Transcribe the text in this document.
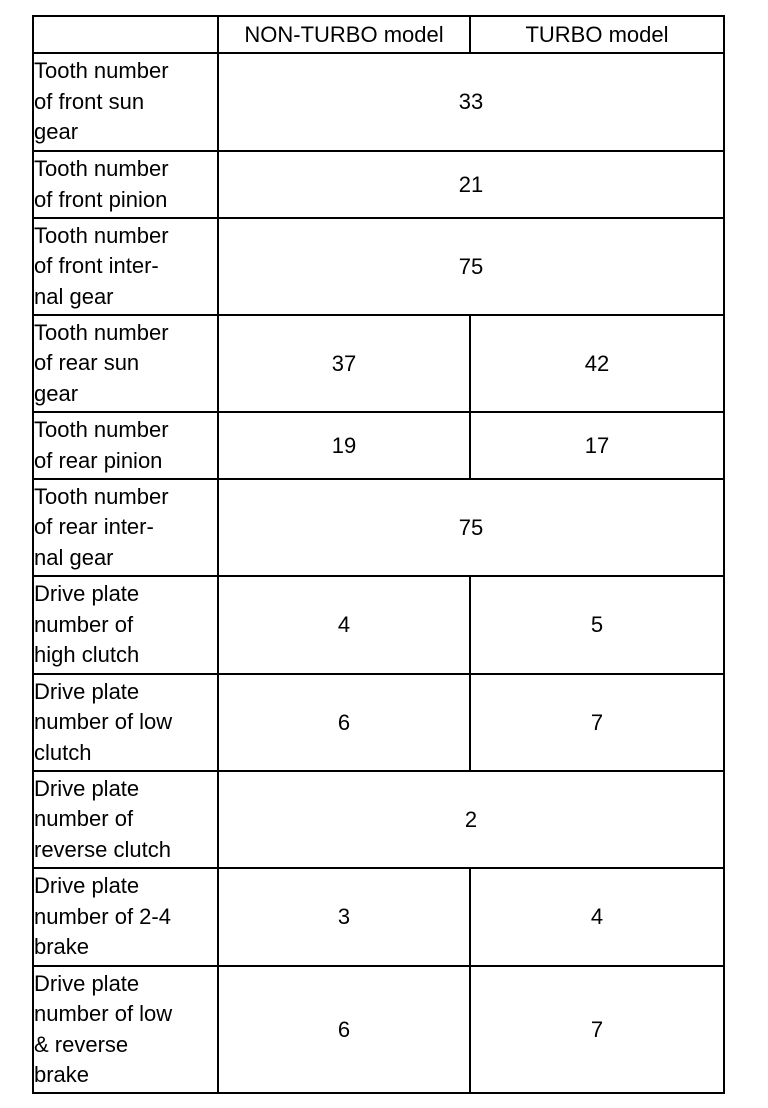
	NON-TURBO model	TURBO model
Tooth number
of front sun
gear	33	
Tooth number
of front pinion	21	
Tooth number
of front inter-
nal gear	75	
Tooth number
of rear sun
gear	37	42
Tooth number
of rear pinion	19	17
Tooth number
of rear inter-
nal gear	75	
Drive plate
number of
high clutch	4	5
Drive plate
number of low
clutch	6	7
Drive plate
number of
reverse clutch	2	
Drive plate
number of 2-4
brake	3	4
Drive plate
number of low
& reverse
brake	6	7
